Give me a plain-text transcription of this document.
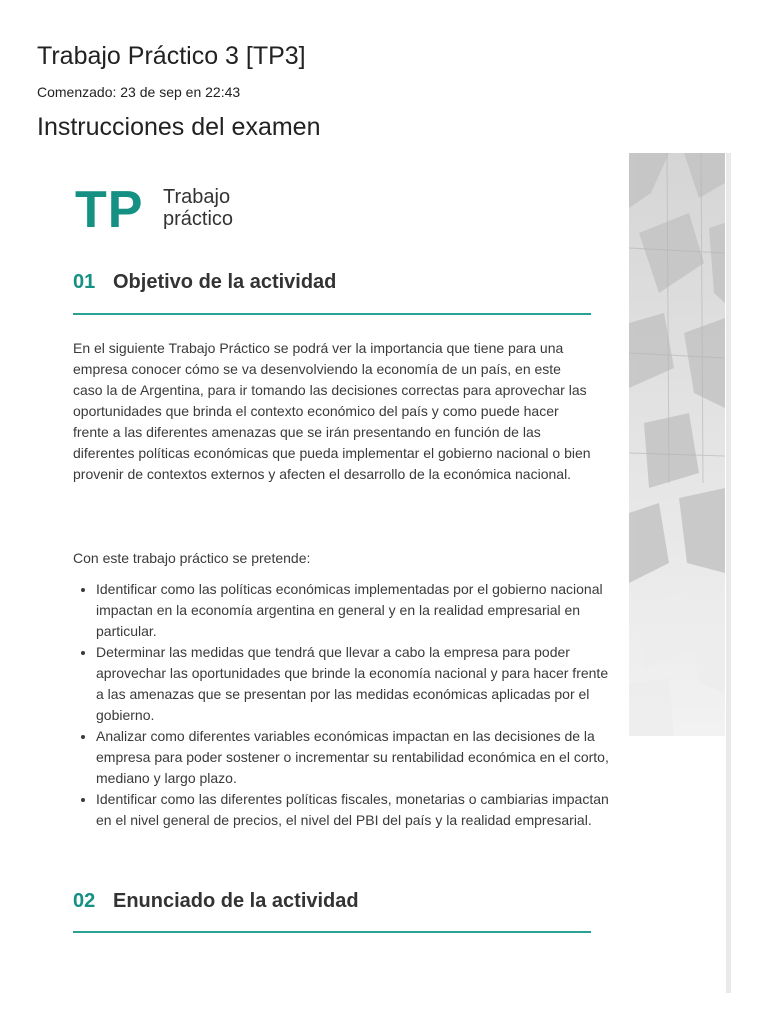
Trabajo Práctico 3 [TP3]
Comenzado: 23 de sep en 22:43
Instrucciones del examen
TP Trabajo
práctico
01 Objetivo de la actividad
En el siguiente Trabajo Práctico se podrá ver la importancia que tiene para una empresa conocer cómo se va desenvolviendo la economía de un país, en este caso la de Argentina, para ir tomando las decisiones correctas para aprovechar las oportunidades que brinda el contexto económico del país y como puede hacer frente a las diferentes amenazas que se irán presentando en función de las diferentes políticas económicas que pueda implementar el gobierno nacional o bien provenir de contextos externos y afecten el desarrollo de la económica nacional.
Con este trabajo práctico se pretende:
• Identificar como las políticas económicas implementadas por el gobierno nacional impactan en la economía argentina en general y en la realidad empresarial en particular.
• Determinar las medidas que tendrá que llevar a cabo la empresa para poder aprovechar las oportunidades que brinde la economía nacional y para hacer frente a las amenazas que se presentan por las medidas económicas aplicadas por el gobierno.
• Analizar como diferentes variables económicas impactan en las decisiones de la empresa para poder sostener o incrementar su rentabilidad económica en el corto, mediano y largo plazo.
• Identificar como las diferentes políticas fiscales, monetarias o cambiarias impactan en el nivel general de precios, el nivel del PBI del país y la realidad empresarial.
02 Enunciado de la actividad
